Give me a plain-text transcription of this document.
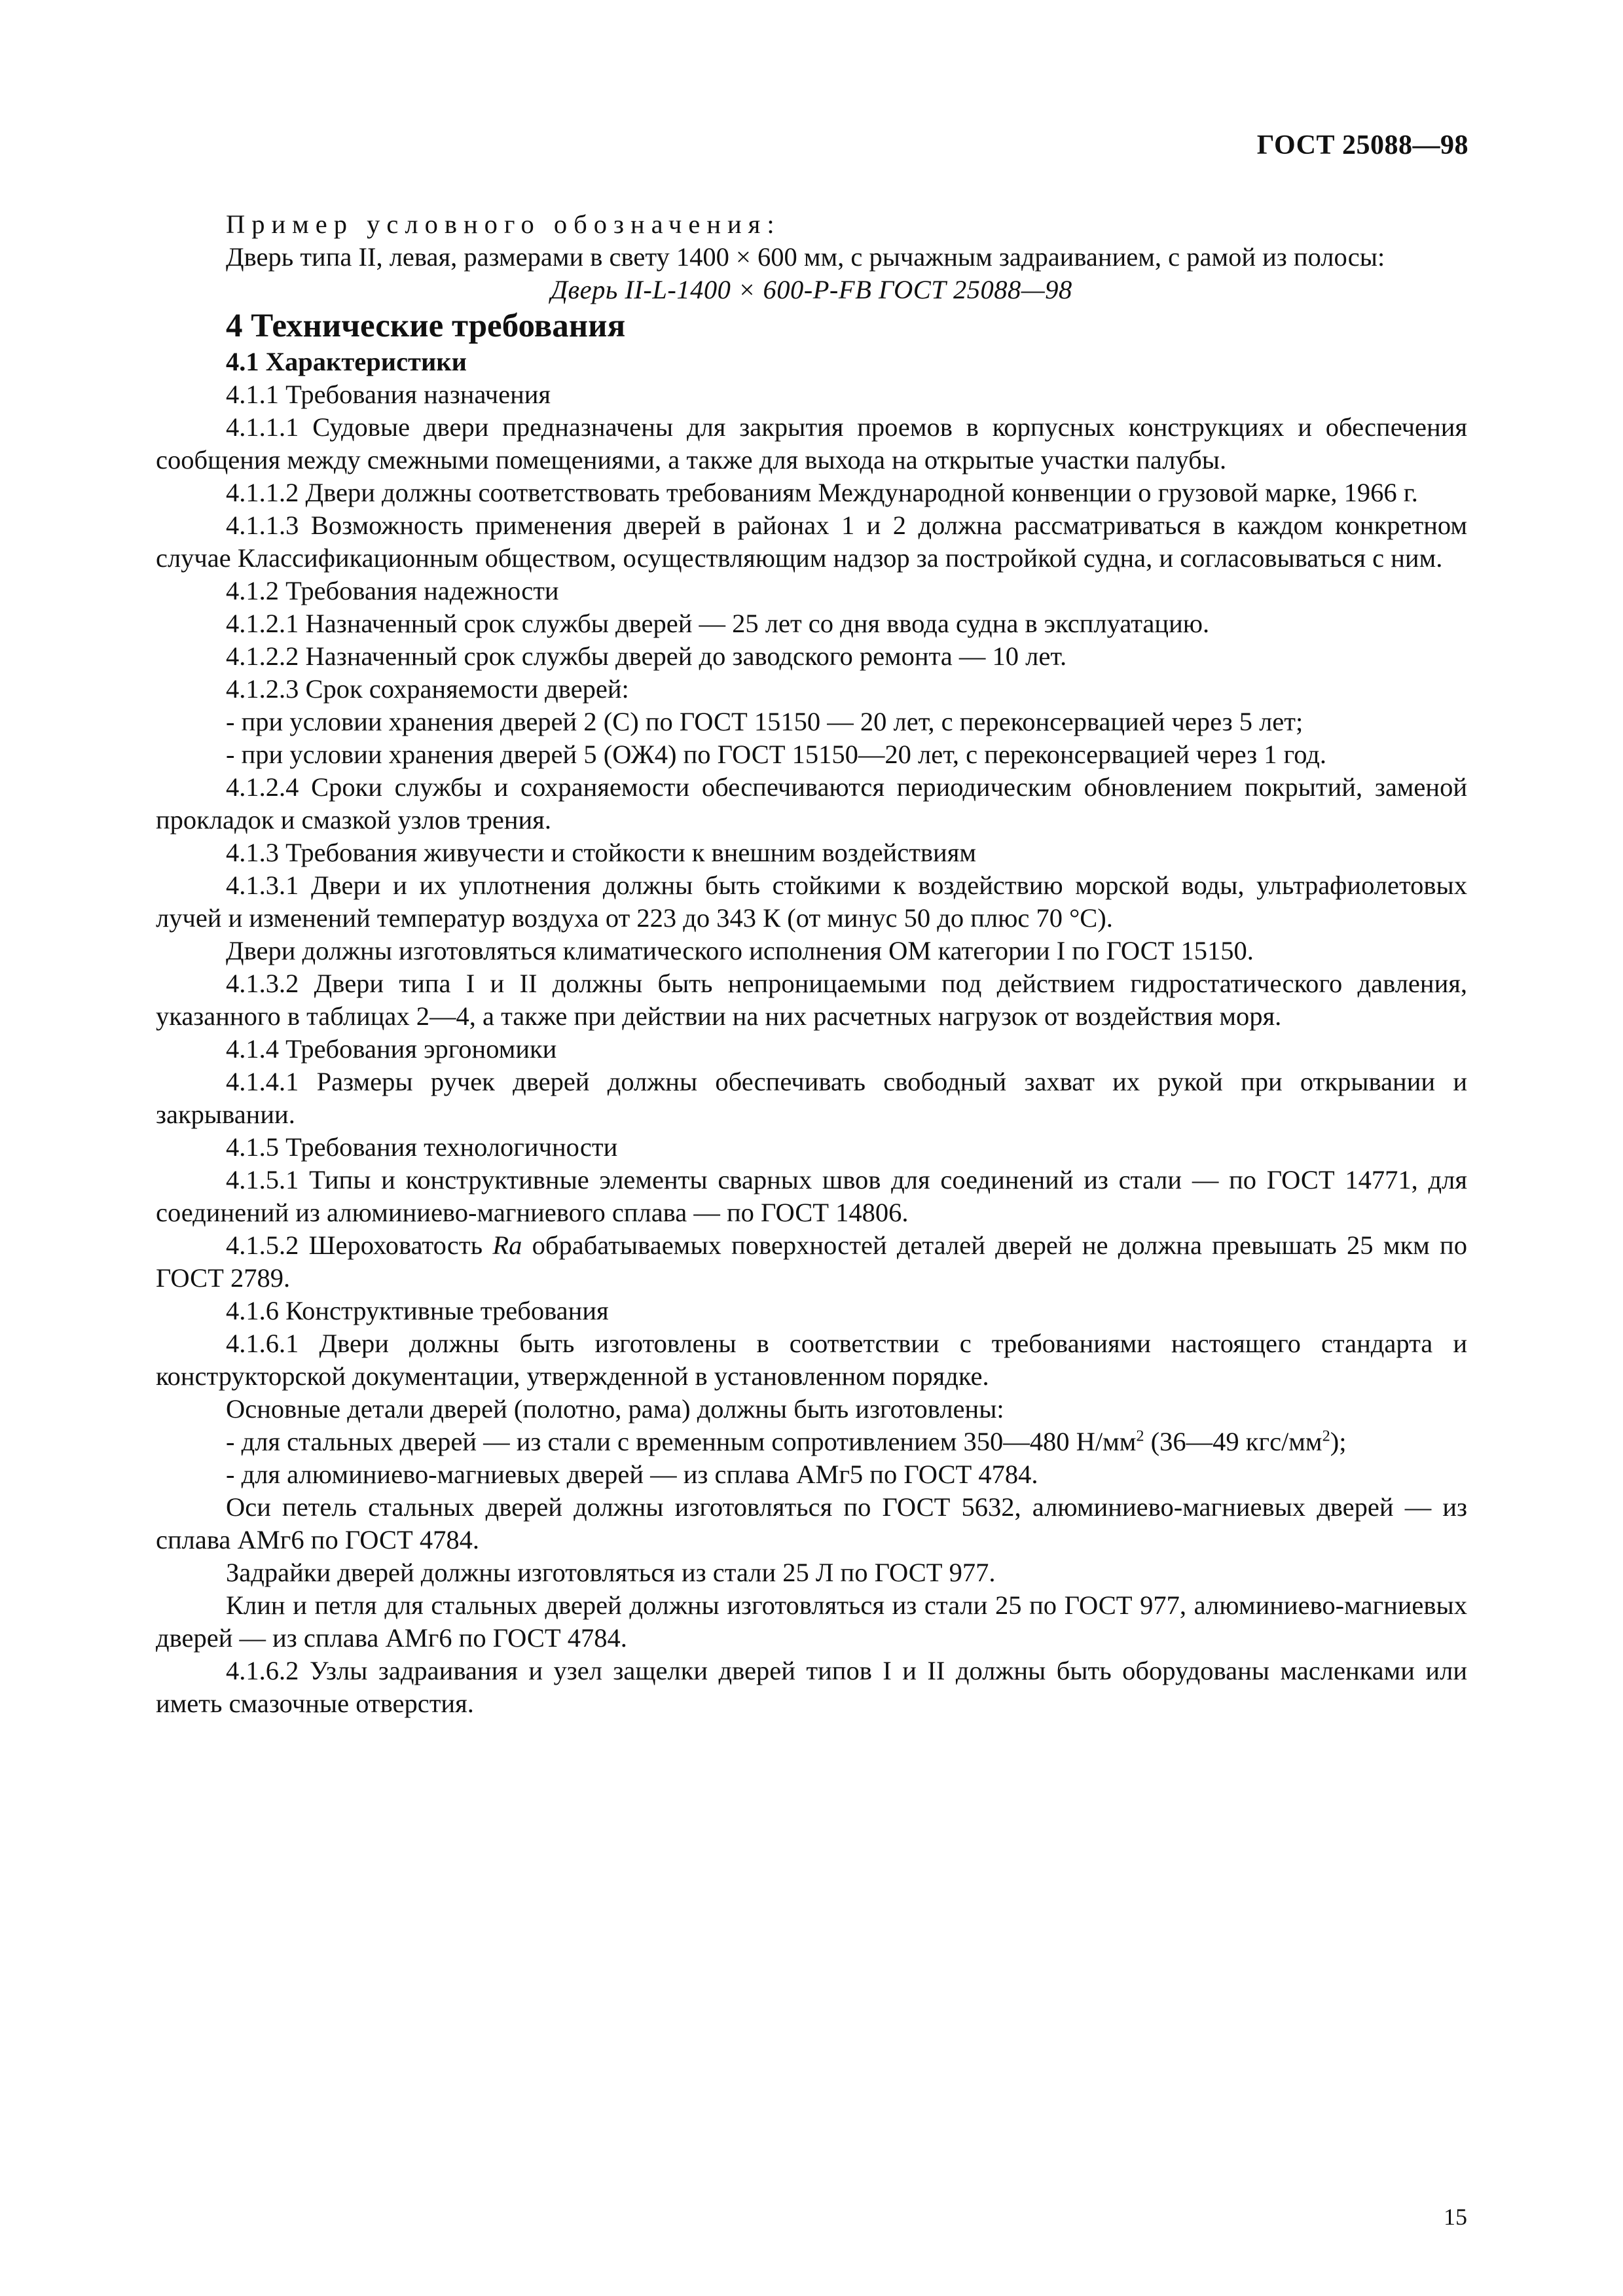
ГОСТ 25088—98

Пример условного обозначения:

Дверь типа II, левая, размерами в свету 1400 × 600 мм, с рычажным задраиванием, с рамой из полосы:

Дверь II-L-1400 × 600-P-FB ГОСТ 25088—98

4 Технические требования

4.1 Характеристики

4.1.1 Требования назначения

4.1.1.1 Судовые двери предназначены для закрытия проемов в корпусных конструкциях и обеспечения сообщения между смежными помещениями, а также для выхода на открытые участки палубы.

4.1.1.2 Двери должны соответствовать требованиям Международной конвенции о грузовой марке, 1966 г.

4.1.1.3 Возможность применения дверей в районах 1 и 2 должна рассматриваться в каждом конкретном случае Классификационным обществом, осуществляющим надзор за постройкой судна, и согласовываться с ним.

4.1.2 Требования надежности

4.1.2.1 Назначенный срок службы дверей — 25 лет со дня ввода судна в эксплуатацию.

4.1.2.2 Назначенный срок службы дверей до заводского ремонта — 10 лет.

4.1.2.3 Срок сохраняемости дверей:

- при условии хранения дверей 2 (С) по ГОСТ 15150 — 20 лет, с переконсервацией через 5 лет;

- при условии хранения дверей 5 (ОЖ4) по ГОСТ 15150—20 лет, с переконсервацией через 1 год.

4.1.2.4 Сроки службы и сохраняемости обеспечиваются периодическим обновлением покрытий, заменой прокладок и смазкой узлов трения.

4.1.3 Требования живучести и стойкости к внешним воздействиям

4.1.3.1 Двери и их уплотнения должны быть стойкими к воздействию морской воды, ультрафиолетовых лучей и изменений температур воздуха от 223 до 343 К (от минус 50 до плюс 70 °С).

Двери должны изготовляться климатического исполнения ОМ категории I по ГОСТ 15150.

4.1.3.2 Двери типа I и II должны быть непроницаемыми под действием гидростатического давления, указанного в таблицах 2—4, а также при действии на них расчетных нагрузок от воздействия моря.

4.1.4 Требования эргономики

4.1.4.1 Размеры ручек дверей должны обеспечивать свободный захват их рукой при открывании и закрывании.

4.1.5 Требования технологичности

4.1.5.1 Типы и конструктивные элементы сварных швов для соединений из стали — по ГОСТ 14771, для соединений из алюминиево-магниевого сплава — по ГОСТ 14806.

4.1.5.2 Шероховатость Ra обрабатываемых поверхностей деталей дверей не должна превышать 25 мкм по ГОСТ 2789.

4.1.6 Конструктивные требования

4.1.6.1 Двери должны быть изготовлены в соответствии с требованиями настоящего стандарта и конструкторской документации, утвержденной в установленном порядке.

Основные детали дверей (полотно, рама) должны быть изготовлены:

- для стальных дверей — из стали с временным сопротивлением 350—480 $Н/мм^2$ (36—49 кгс/$мм^2$);

- для алюминиево-магниевых дверей — из сплава АМг5 по ГОСТ 4784.

Оси петель стальных дверей должны изготовляться по ГОСТ 5632, алюминиево-магниевых дверей — из сплава АМг6 по ГОСТ 4784.

Задрайки дверей должны изготовляться из стали 25 Л по ГОСТ 977.

Клин и петля для стальных дверей должны изготовляться из стали 25 по ГОСТ 977, алюминиево-магниевых дверей — из сплава АМг6 по ГОСТ 4784.

4.1.6.2 Узлы задраивания и узел защелки дверей типов I и II должны быть оборудованы масленками или иметь смазочные отверстия.

15
